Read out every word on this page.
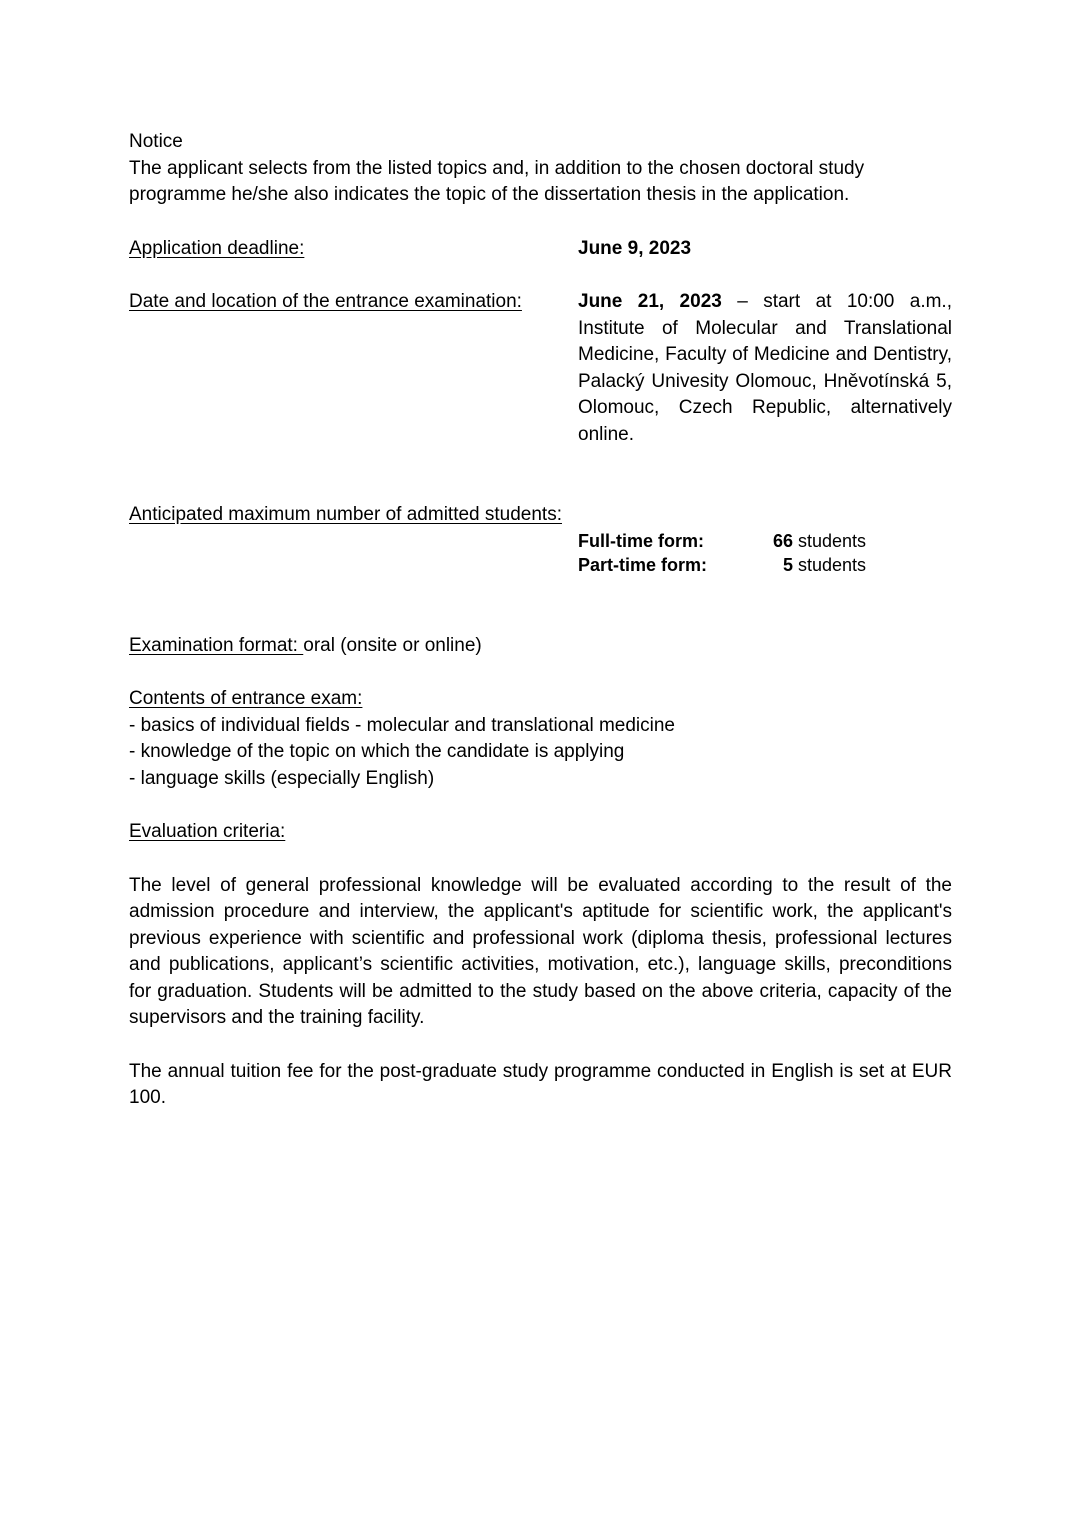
Notice

The applicant selects from the listed topics and, in addition to the chosen doctoral study programme he/she also indicates the topic of the dissertation thesis in the application.

Application deadline:	June 9, 2023
Date and location of the entrance examination:	June 21, 2023 – start at 10:00 a.m., Institute of Molecular and Translational Medicine, Faculty of Medicine and Dentistry, Palacký Univesity Olomouc, Hněvotínská 5, Olomouc, Czech Republic, alternatively online.

Anticipated maximum number of admitted students:

Full-time form:	66 students
Part-time form:	5 students

Examination format: oral (onsite or online)

Contents of entrance exam:

- basics of individual fields - molecular and translational medicine

- knowledge of the topic on which the candidate is applying

- language skills (especially English)

Evaluation criteria:

The level of general professional knowledge will be evaluated according to the result of the admission procedure and interview, the applicant's aptitude for scientific work, the applicant's previous experience with scientific and professional work (diploma thesis, professional lectures and publications, applicant’s scientific activities, motivation, etc.), language skills, preconditions for graduation. Students will be admitted to the study based on the above criteria, capacity of the supervisors and the training facility.

The annual tuition fee for the post-graduate study programme conducted in English is set at EUR 100.
